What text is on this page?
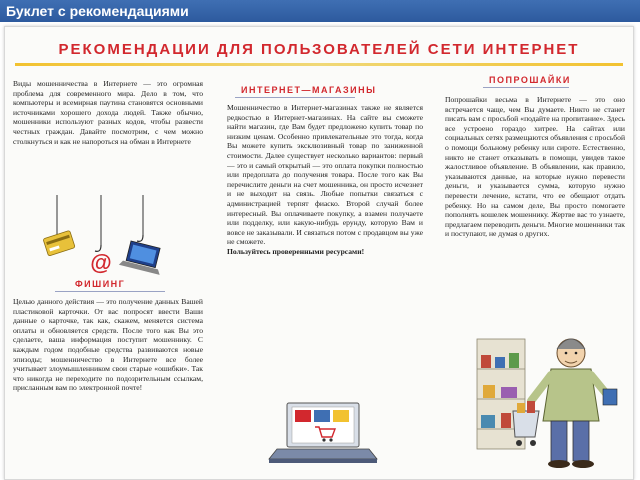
Буклет с рекомендациями
РЕКОМЕНДАЦИИ ДЛЯ ПОЛЬЗОВАТЕЛЕЙ СЕТИ ИНТЕРНЕТ

Виды мошенничества в Интернете — это огромная проблема для современного мира. Дело в том, что компьютеры и всемирная паутина становятся основными источниками хорошего дохода людей. Также обычно, мошенники используют разных кодов, чтобы развести честных граждан. Давайте посмотрим, с чем можно столкнуться и как не напороться на обман в Интернете

@
ФИШИНГ

Целью данного действия — это получение данных Вашей пластиковой карточки. От вас попросят ввести Ваши данные о карточке, так как, скажем, меняется система оплаты и обновляется средств. После того как Вы это сделаете, ваша информация поступит мошеннику. С каждым годом подобные средства развиваются новые эпизоды; мошенничество в Интернете все более учитывает злоумышленником свои старые «ошибки». Так что никогда не переходите по подозрительным ссылкам, присланным вам по электронной почте!

ИНТЕРНЕТ—МАГАЗИНЫ

Мошенничество в Интернет-магазинах также не является редкостью в Интернет-магазинах. На сайте вы сможете найти магазин, где Вам будет предложено купить товар по низким ценам. Особенно привлекательные это тогда, когда Вы можете купить эксклюзивный товар по заниженной стоимости. Далее существует несколько вариантов: первый — это и самый открытый — это оплата покупки полностью или предоплата до получения товара. После того как Вы перечислите деньги на счет мошенника, он просто исчезнет и не выходит на связь. Любые попытки связаться с администрацией терпят фиаско. Второй случай более интересный. Вы оплачиваете покупку, а взамен получаете или подделку, или какую-нибудь ерунду, которую Вам и вовсе не заказывали. И связаться потом с продавцом вы уже не сможете.

Пользуйтесь проверенными ресурсами!

ПОПРОШАЙКИ

Попрошайки весьма в Интернете — это оно встречается чаще, чем Вы думаете. Никто не станет писать вам с просьбой «подайте на пропитание». Здесь все устроено гораздо хитрее. На сайтах или социальных сетях размещаются объявления с просьбой о помощи больному ребенку или сироте. Естественно, никто не станет отказывать в помощи, увидев такое жалостливое объявление. В объявлении, как правило, указываются данные, на которые нужно перевести деньги, и указывается сумма, которую нужно перевести лечение, кстати, что ее обещают отдать ребенку. Но на самом деле, Вы просто помогаете пополнять кошелек мошеннику. Жертве вас то узнаете, предлагаем переводить деньги. Многие мошенники так и поступают, не думая о других.
